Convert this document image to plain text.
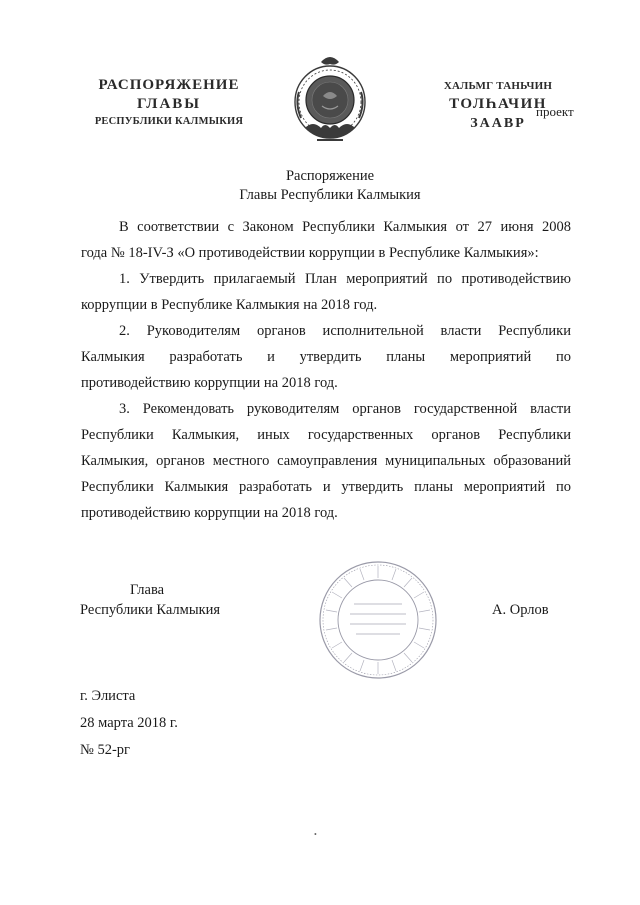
РАСПОРЯЖЕНИЕ
ГЛАВЫ
РЕСПУБЛИКИ КАЛМЫКИЯ
ХАЛЬМГ ТАНЬЧИН
ТОЛҺАЧИН
ЗААВР
проект
Распоряжение
Главы Республики Калмыкия

В соответствии с Законом Республики Калмыкия от 27 июня 2008

года № 18-IV-З «О противодействии коррупции в Республике Калмыкия»:

1. Утвердить прилагаемый План мероприятий по противодействию

коррупции в Республике Калмыкия на 2018 год.

2. Руководителям органов исполнительной власти Республики

Калмыкия разработать и утвердить планы мероприятий по

противодействию коррупции на 2018 год.

3. Рекомендовать руководителям органов государственной власти

Республики Калмыкия, иных государственных органов Республики

Калмыкия, органов местного самоуправления муниципальных образований

Республики Калмыкия разработать и утвердить планы мероприятий по

противодействию коррупции на 2018 год.

Глава
Республики Калмыкия	А. Орлов
г. Элиста
28 марта 2018 г.
№ 52-рг
•
